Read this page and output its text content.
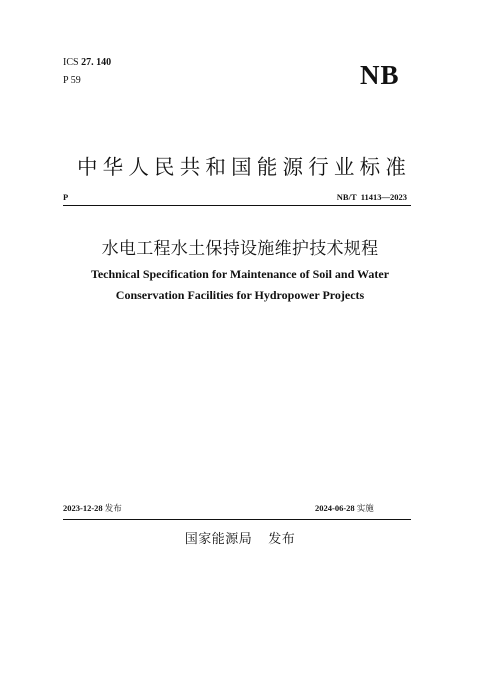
ICS 27. 140
P 59	NB
中华人民共和国能源行业标准
P	NB/T  11413—2023
水电工程水土保持设施维护技术规程
Technical Specification for Maintenance of Soil and Water
Conservation Facilities for Hydropower Projects
2023-12-28 发布	2024-06-28 实施
国家能源局 发布
